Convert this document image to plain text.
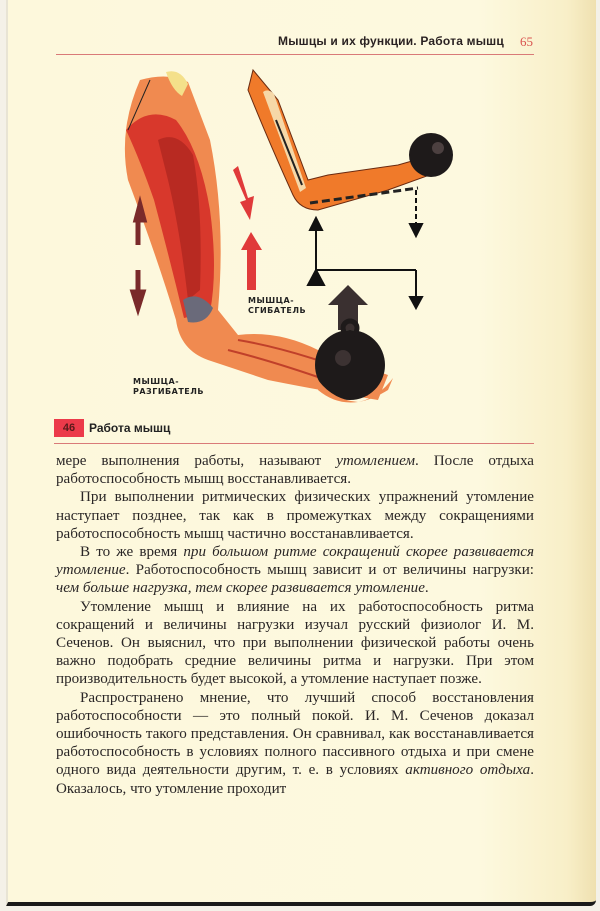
Мышцы и их функции. Работа мышц 65
МЫШЦА-
СГИБАТЕЛЬ
МЫШЦА-
РАЗГИБАТЕЛЬ
46	Работа мышц

мере выполнения работы, называют утомлением. После отдыха работоспособность мышц восстанавливается.

При выполнении ритмических физических упражнений утомление наступает позднее, так как в промежутках между сокращениями работоспособность мышц частично восстанавливается.

В то же время при большом ритме сокращений скорее развивается утомление. Работоспособность мышц зависит и от величины нагрузки: чем больше нагрузка, тем скорее развивается утомление.

Утомление мышц и влияние на их работоспособность ритма сокращений и величины нагрузки изучал русский физиолог И. М. Сеченов. Он выяснил, что при выполнении физической работы очень важно подобрать средние величины ритма и нагрузки. При этом производительность будет высокой, а утомление наступает позже.

Распространено мнение, что лучший способ восстановления работоспособности — это полный покой. И. М. Сеченов доказал ошибочность такого представления. Он сравнивал, как восстанавливается работоспособность в условиях полного пассивного отдыха и при смене одного вида деятельности другим, т. е. в условиях активного отдыха. Оказалось, что утомление проходит
